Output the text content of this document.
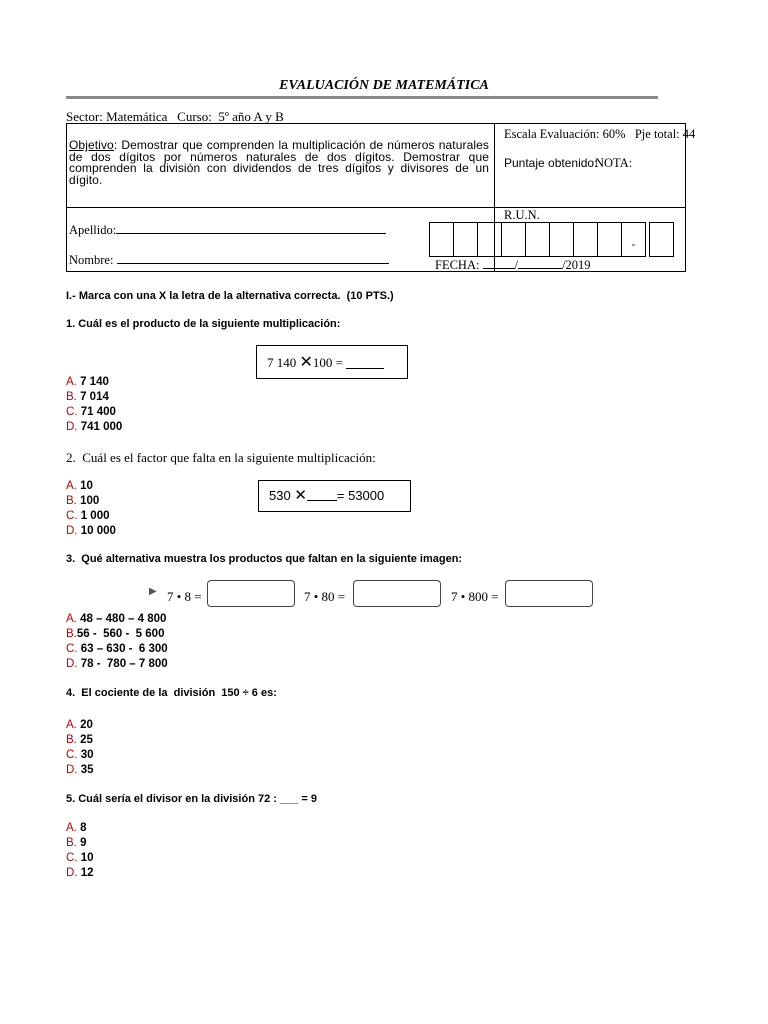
EVALUACIÓN DE MATEMÁTICA
Sector: Matemática   Curso:  5º año A y B
Objetivo: Demostrar que comprenden la multiplicación de números naturales de dos dígitos por números naturales de dos dígitos. Demostrar que comprenden la división con dividendos de tres dígitos y divisores de un dígito.
Escala Evaluación: 60%   Pje total: 44
Puntaje obtenido:
NOTA:
Apellido:
Nombre:
R.U.N.
-
FECHA:	/	/2019
I.- Marca con una X la letra de la alternativa correcta.  (10 PTS.)
1. Cuál es el producto de la siguiente multiplicación:
7 140 ✕100 =
A. 7 140
B. 7 014
C. 71 400
D. 741 000
2.  Cuál es el factor que falta en la siguiente multiplicación:
530 ✕ = 53000
A. 10
B. 100
C. 1 000
D. 10 000
3.  Qué alternativa muestra los productos que faltan en la siguiente imagen:
▶ 7 • 8 =	7 • 80 =	7 • 800 =
A. 48 – 480 – 4 800
B.56 -  560 -  5 600
C. 63 – 630 -  6 300
D. 78 -  780 – 7 800
4.  El cociente de la  división  150 ÷ 6 es:
A. 20
B. 25
C. 30
D. 35
5. Cuál sería el divisor en la división 72 : ___ = 9
A. 8
B. 9
C. 10
D. 12
